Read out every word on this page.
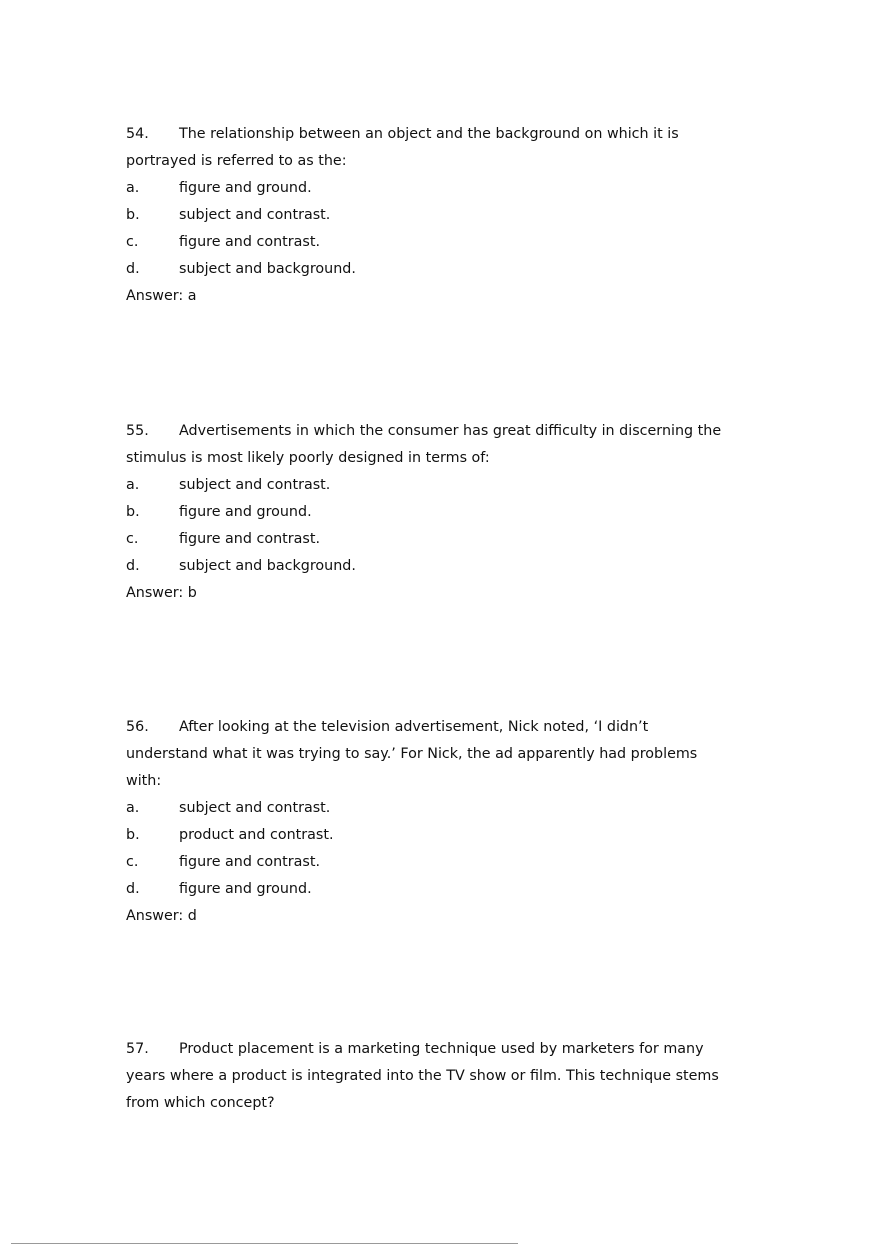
54. The relationship between an object and the background on which it is
portrayed is referred to as the:
a.	figure and ground.
b.	subject and contrast.
c.	figure and contrast.
d.	subject and background.
Answer: a
55. Advertisements in which the consumer has great difficulty in discerning the
stimulus is most likely poorly designed in terms of:
a.	subject and contrast.
b.	figure and ground.
c.	figure and contrast.
d.	subject and background.
Answer: b
56. After looking at the television advertisement, Nick noted, ‘I didn’t
understand what it was trying to say.’ For Nick, the ad apparently had problems
with:
a.	subject and contrast.
b.	product and contrast.
c.	figure and contrast.
d.	figure and ground.
Answer: d
57. Product placement is a marketing technique used by marketers for many
years where a product is integrated into the TV show or film. This technique stems
from which concept?
